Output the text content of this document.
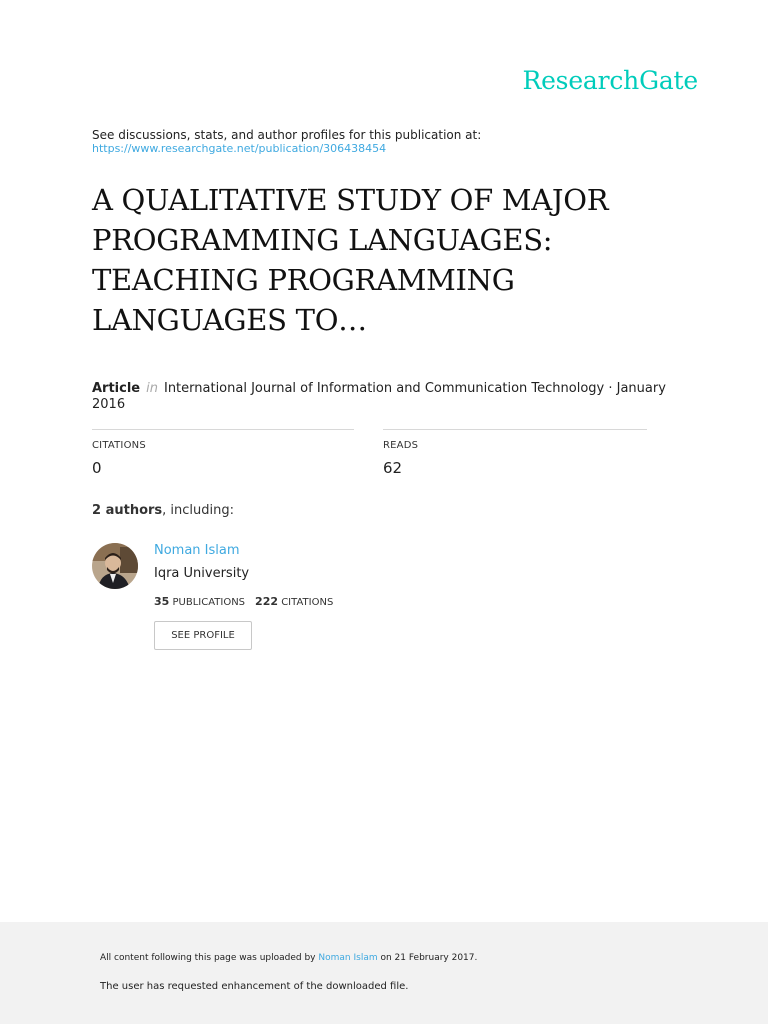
ResearchGate
See discussions, stats, and author profiles for this publication at:
https://www.researchgate.net/publication/306438454
A QUALITATIVE STUDY OF MAJOR PROGRAMMING LANGUAGES: TEACHING PROGRAMMING LANGUAGES TO…
Article in International Journal of Information and Communication Technology · January 2016
CITATIONS
0
READS
62
2 authors, including:
Noman Islam
Iqra University
35 PUBLICATIONS 222 CITATIONS
SEE PROFILE
All content following this page was uploaded by Noman Islam on 21 February 2017.
The user has requested enhancement of the downloaded file.
